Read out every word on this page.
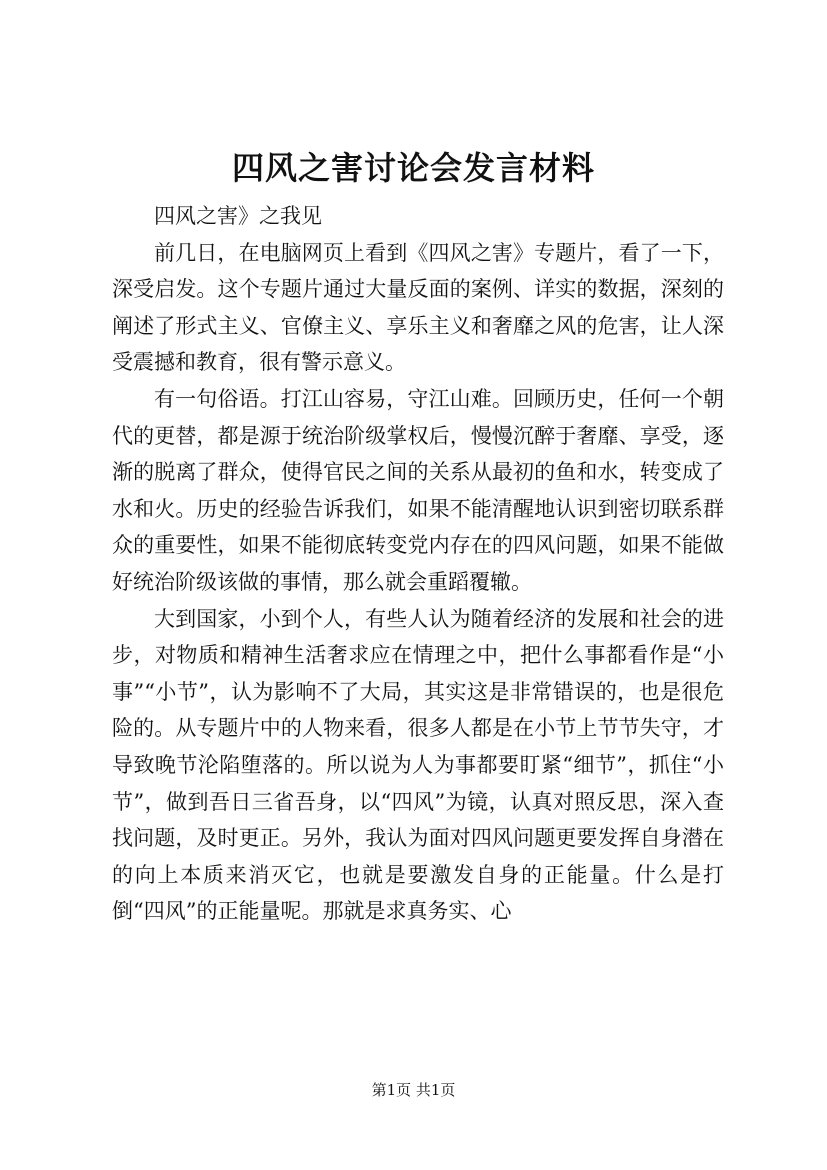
四风之害讨论会发言材料

四风之害》之我见

前几日，在电脑网页上看到《四风之害》专题片，看了一下，深受启发。这个专题片通过大量反面的案例、详实的数据，深刻的阐述了形式主义、官僚主义、享乐主义和奢靡之风的危害，让人深受震撼和教育，很有警示意义。

有一句俗语。打江山容易，守江山难。回顾历史，任何一个朝代的更替，都是源于统治阶级掌权后，慢慢沉醉于奢靡、享受，逐渐的脱离了群众，使得官民之间的关系从最初的鱼和水，转变成了水和火。历史的经验告诉我们，如果不能清醒地认识到密切联系群众的重要性，如果不能彻底转变党内存在的四风问题，如果不能做好统治阶级该做的事情，那么就会重蹈覆辙。

大到国家，小到个人，有些人认为随着经济的发展和社会的进步，对物质和精神生活奢求应在情理之中，把什么事都看作是“小事”“小节”，认为影响不了大局，其实这是非常错误的，也是很危险的。从专题片中的人物来看，很多人都是在小节上节节失守，才导致晚节沦陷堕落的。所以说为人为事都要盯紧“细节”，抓住“小节”，做到吾日三省吾身，以“四风”为镜，认真对照反思，深入查找问题，及时更正。另外，我认为面对四风问题更要发挥自身潜在的向上本质来消灭它，也就是要激发自身的正能量。什么是打倒“四风”的正能量呢。那就是求真务实、心

第1页 共1页
